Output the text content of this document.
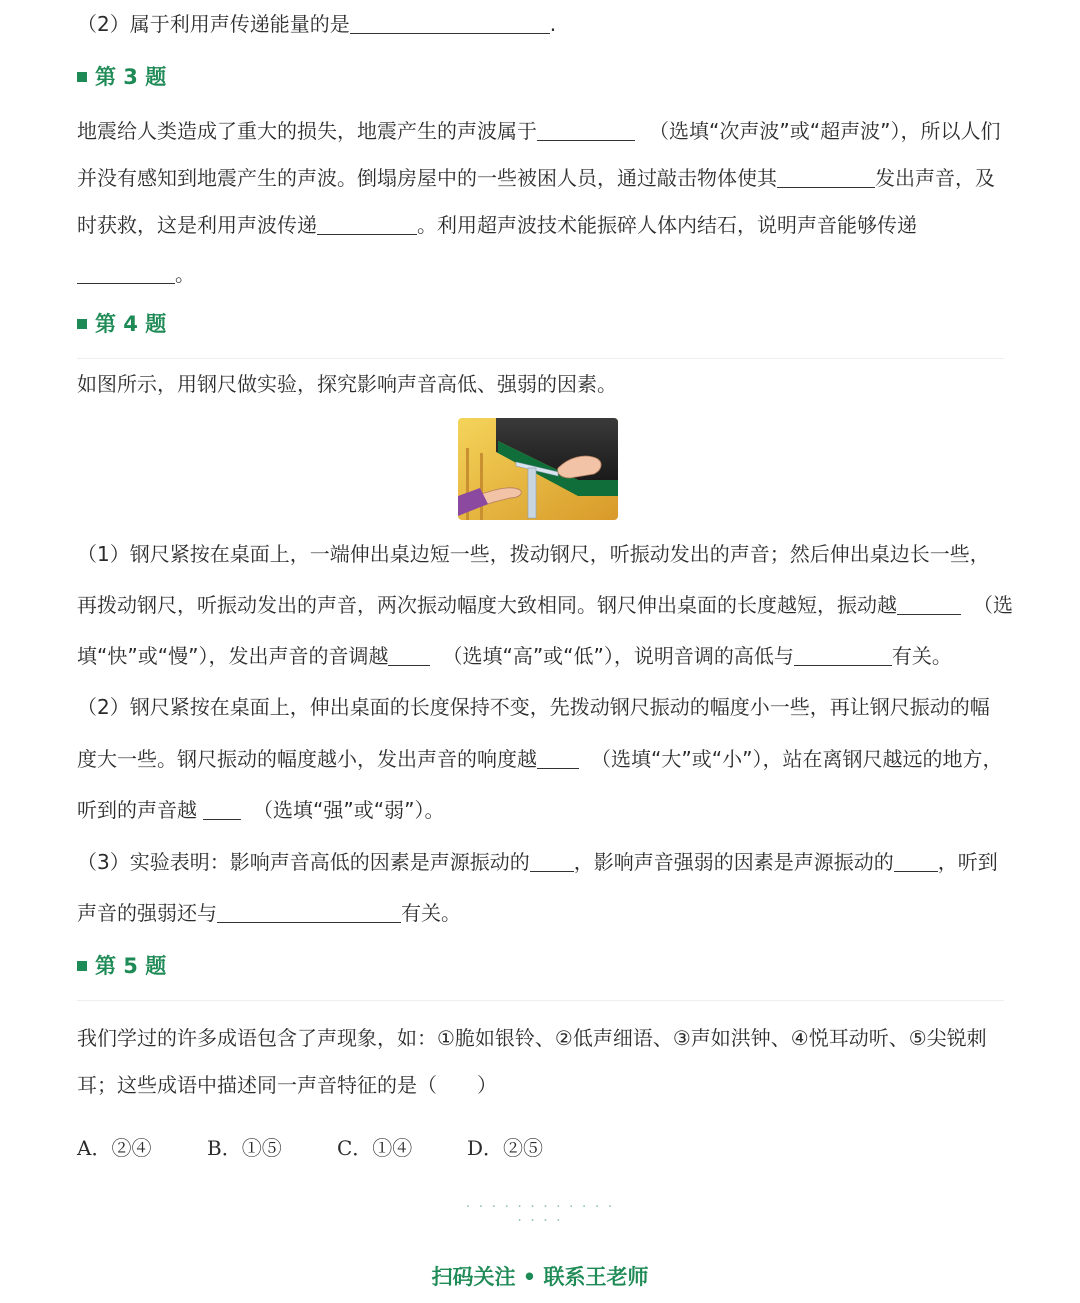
（2）属于利用声传递能量的是	.
第 3 题
地震给人类造成了重大的损失，地震产生的声波属于	（选填“次声波”或“超声波”），所以人们
并没有感知到地震产生的声波。倒塌房屋中的一些被困人员，通过敲击物体使其	发出声音，及
时获救，这是利用声波传递	。利用超声波技术能振碎人体内结石，说明声音能够传递
。
第 4 题
如图所示，用钢尺做实验，探究影响声音高低、强弱的因素。
（1）钢尺紧按在桌面上，一端伸出桌边短一些，拨动钢尺，听振动发出的声音；然后伸出桌边长一些，
再拨动钢尺，听振动发出的声音，两次振动幅度大致相同。钢尺伸出桌面的长度越短，振动越	（选
填“快”或“慢”），发出声音的音调越	（选填“高”或“低”），说明音调的高低与	有关。
（2）钢尺紧按在桌面上，伸出桌面的长度保持不变，先拨动钢尺振动的幅度小一些，再让钢尺振动的幅
度大一些。钢尺振动的幅度越小，发出声音的响度越	（选填“大”或“小”），站在离钢尺越远的地方，
听到的声音越	（选填“强”或“弱”）。
（3）实验表明：影响声音高低的因素是声源振动的 ，影响声音强弱的因素是声源振动的 ，听到
声音的强弱还与	有关。
第 5 题
我们学过的许多成语包含了声现象，如：①脆如银铃、②低声细语、③声如洪钟、④悦耳动听、⑤尖锐刺
耳；这些成语中描述同一声音特征的是（　　）
A．②④	B．①⑤	C．①④	D．②⑤
· · · · · · · · · · · · · · · ·
扫码关注 • 联系王老师
